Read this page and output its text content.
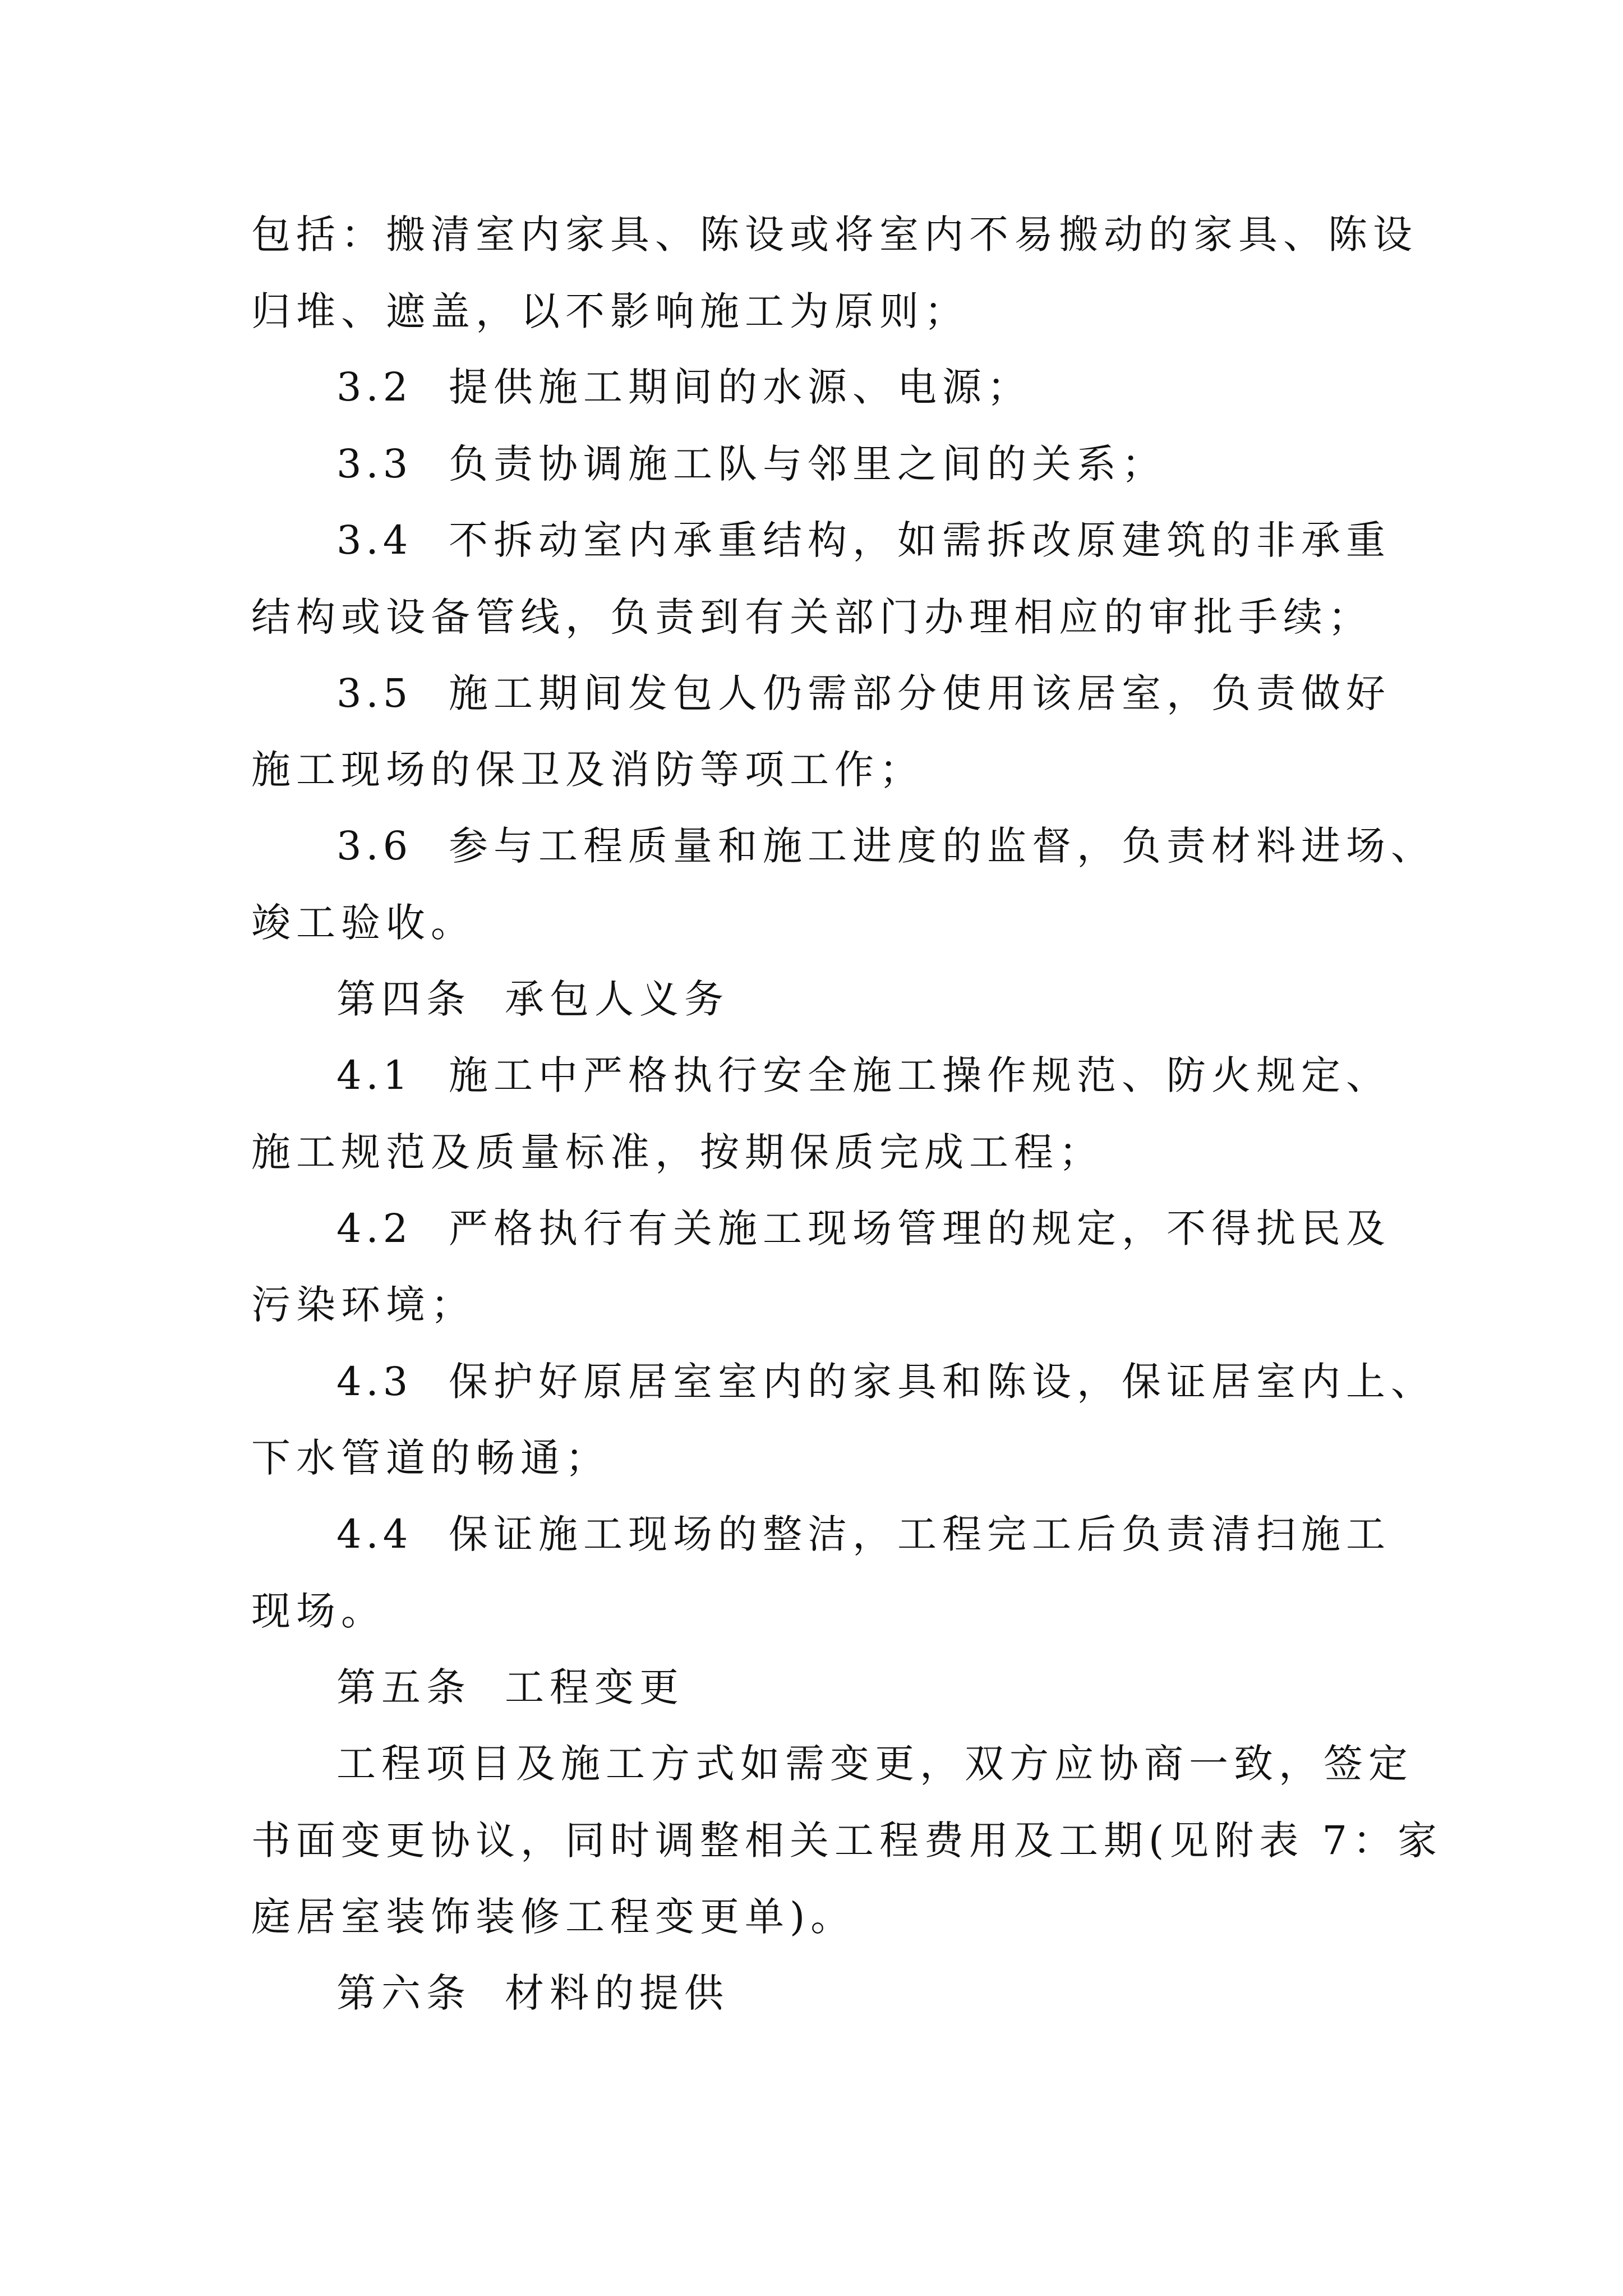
包括：搬清室内家具、陈设或将室内不易搬动的家具、陈设
归堆、遮盖，以不影响施工为原则；
3.2 提供施工期间的水源、电源；
3.3 负责协调施工队与邻里之间的关系；
3.4 不拆动室内承重结构，如需拆改原建筑的非承重
结构或设备管线，负责到有关部门办理相应的审批手续；
3.5 施工期间发包人仍需部分使用该居室，负责做好
施工现场的保卫及消防等项工作；
3.6 参与工程质量和施工进度的监督，负责材料进场、
竣工验收。
第四条 承包人义务
4.1 施工中严格执行安全施工操作规范、防火规定、
施工规范及质量标准，按期保质完成工程；
4.2 严格执行有关施工现场管理的规定，不得扰民及
污染环境；
4.3 保护好原居室室内的家具和陈设，保证居室内上、
下水管道的畅通；
4.4 保证施工现场的整洁，工程完工后负责清扫施工
现场。
第五条 工程变更
工程项目及施工方式如需变更，双方应协商一致，签定
书面变更协议，同时调整相关工程费用及工期(见附表 7：家
庭居室装饰装修工程变更单)。
第六条 材料的提供
